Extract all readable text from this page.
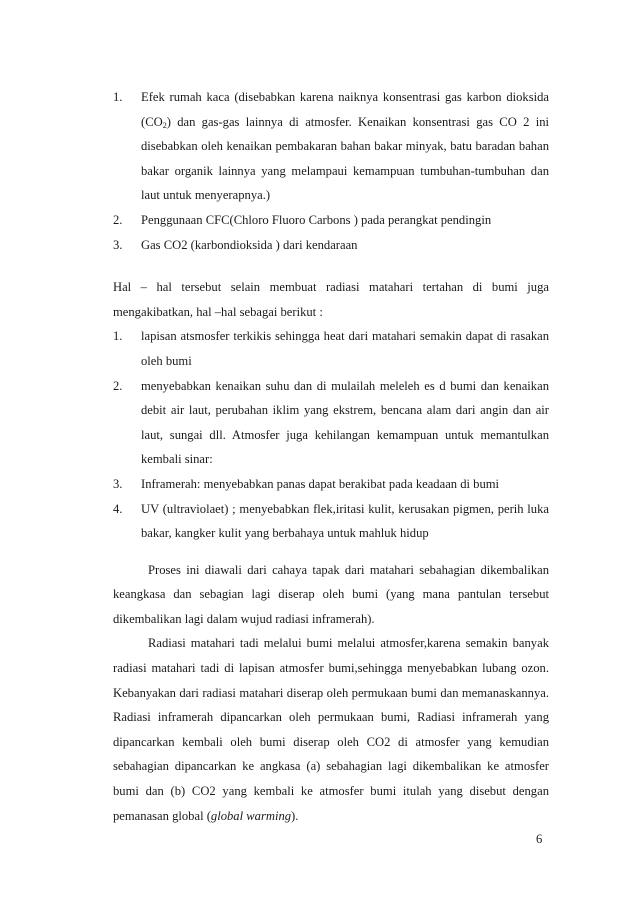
1. Efek rumah kaca (disebabkan karena naiknya konsentrasi gas karbon dioksida $(CO_2)$ dan gas-gas lainnya di atmosfer. Kenaikan konsentrasi gas CO 2 ini disebabkan oleh kenaikan pembakaran bahan bakar minyak, batu baradan bahan bakar organik lainnya yang melampaui kemampuan tumbuhan-tumbuhan dan laut untuk menyerapnya.)
2. Penggunaan CFC(Chloro Fluoro Carbons ) pada perangkat pendingin
3. Gas CO2 (karbondioksida ) dari kendaraan

Hal – hal tersebut selain membuat radiasi matahari tertahan di bumi juga mengakibatkan, hal –hal sebagai berikut :

1. lapisan atsmosfer terkikis sehingga heat dari matahari semakin dapat di rasakan oleh bumi
2. menyebabkan kenaikan suhu dan di mulailah meleleh es d bumi dan kenaikan debit air laut, perubahan iklim yang ekstrem, bencana alam dari angin dan air laut, sungai dll. Atmosfer juga kehilangan kemampuan untuk memantulkan kembali sinar:
3. Inframerah: menyebabkan panas dapat berakibat pada keadaan di bumi
4. UV (ultraviolaet) ; menyebabkan flek,iritasi kulit, kerusakan pigmen, perih luka bakar, kangker kulit yang berbahaya untuk mahluk hidup

Proses ini diawali dari cahaya tapak dari matahari sebahagian dikembalikan keangkasa dan sebagian lagi diserap oleh bumi (yang mana pantulan tersebut dikembalikan lagi dalam wujud radiasi inframerah).

Radiasi matahari tadi melalui bumi melalui atmosfer,karena semakin banyak radiasi matahari tadi di lapisan atmosfer bumi,sehingga menyebabkan lubang ozon. Kebanyakan dari radiasi matahari diserap oleh permukaan bumi dan memanaskannya. Radiasi inframerah dipancarkan oleh permukaan bumi, Radiasi inframerah yang dipancarkan kembali oleh bumi diserap oleh CO2 di atmosfer yang kemudian sebahagian dipancarkan ke angkasa (a) sebahagian lagi dikembalikan ke atmosfer bumi dan (b) CO2 yang kembali ke atmosfer bumi itulah yang disebut dengan pemanasan global (global warming).

6
